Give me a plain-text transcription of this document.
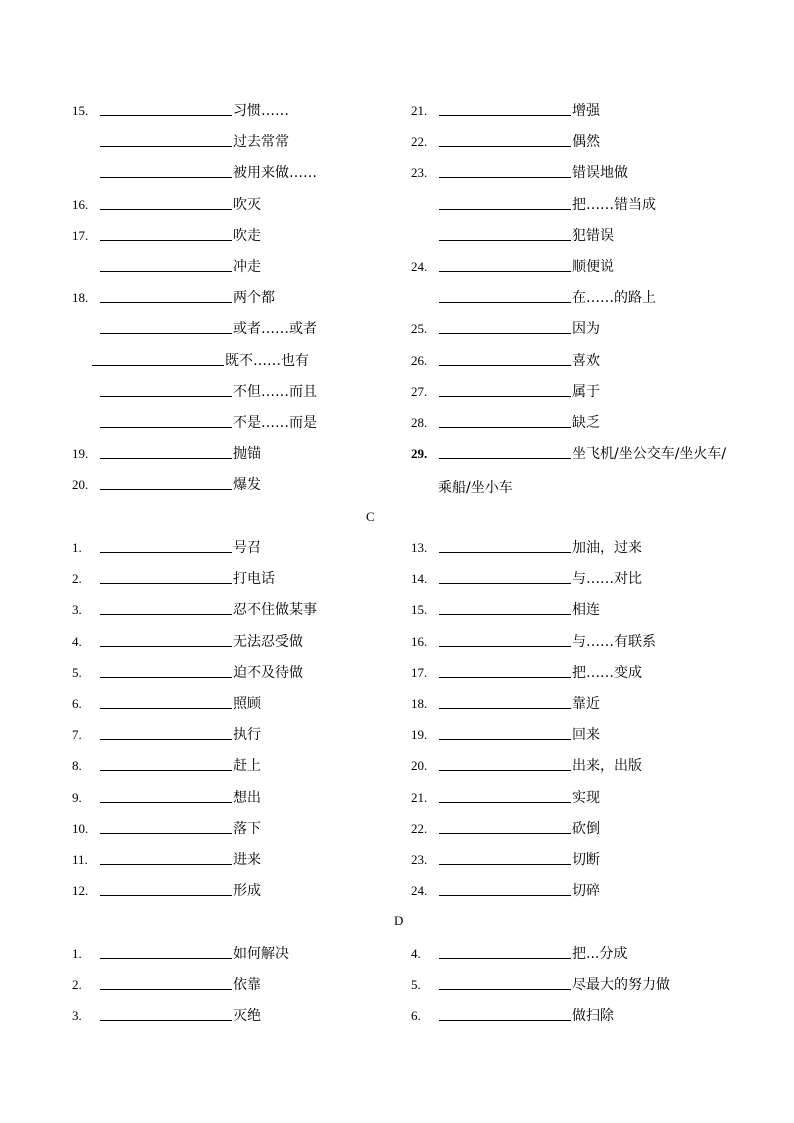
15.	习惯……
过去常常
被用来做……
16.	吹灭
17.	吹走
冲走
18.	两个都
或者……或者
既不……也有
不但……而且
不是……而是
19.	抛锚
20.	爆发
21.	增强
22.	偶然
23.	错误地做
把……错当成
犯错误
24.	顺便说
在……的路上
25.	因为
26.	喜欢
27.	属于
28.	缺乏
29.	坐飞机/坐公交车/坐火车/
1.	号召
2.	打电话
3.	忍不住做某事
4.	无法忍受做
5.	迫不及待做
6.	照顾
7.	执行
8.	赶上
9.	想出
10.	落下
11.	进来
12.	形成
13.	加油，过来
14.	与……对比
15.	相连
16.	与……有联系
17.	把……变成
18.	靠近
19.	回来
20.	出来，出版
21.	实现
22.	砍倒
23.	切断
24.	切碎
1.	如何解决
2.	依靠
3.	灭绝
4.	把...分成
5.	尽最大的努力做
6.	做扫除
C
D
乘船/坐小车
